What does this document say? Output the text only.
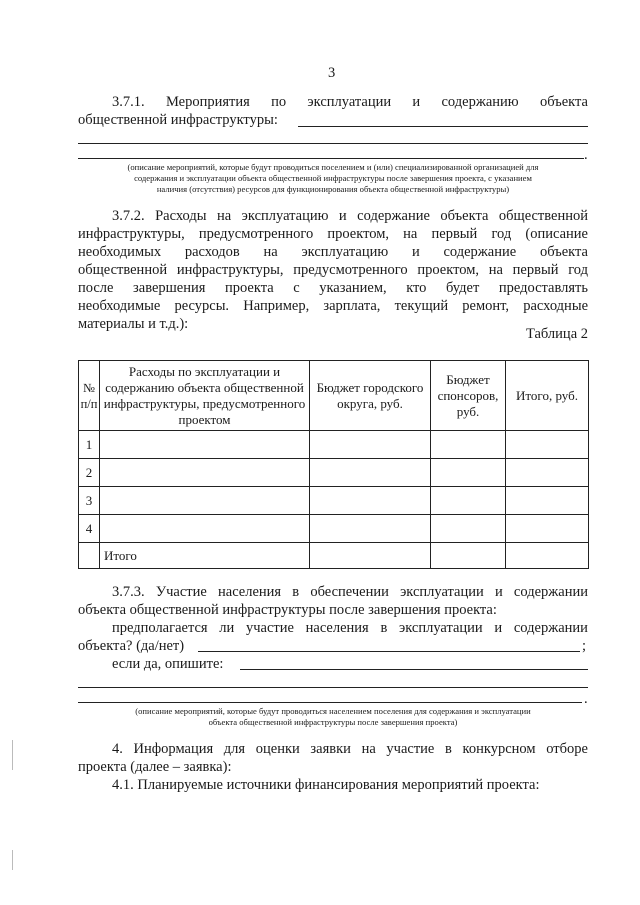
3
3.7.1. Мероприятия по эксплуатации и содержанию объекта
общественной инфраструктуры:
.
(описание мероприятий, которые будут проводиться поселением и (или) специализированной организацией для
содержания и эксплуатации объекта общественной инфраструктуры после завершения проекта, с указанием
наличия (отсутствия) ресурсов для функционирования объекта общественной инфраструктуры)
3.7.2. Расходы на эксплуатацию и содержание объекта общественной
инфраструктуры, предусмотренного проектом, на первый год (описание
необходимых расходов на эксплуатацию и содержание объекта
общественной инфраструктуры, предусмотренного проектом, на первый год
после завершения проекта с указанием, кто будет предоставлять
необходимые ресурсы. Например, зарплата, текущий ремонт, расходные
материалы и т.д.):
Таблица 2
№ п/п	Расходы по эксплуатации и содержанию объекта общественной инфраструктуры, предусмотренного проектом	Бюджет городского округа, руб.	Бюджет спонсоров, руб.	Итого, руб.
1				
2				
3				
4				
	Итого			
3.7.3. Участие населения в обеспечении эксплуатации и содержании
объекта общественной инфраструктуры после завершения проекта:
предполагается ли участие населения в эксплуатации и содержании
объекта? (да/нет)	;
если да, опишите:
.
(описание мероприятий, которые будут проводиться населением поселения для содержания и эксплуатации
объекта общественной инфраструктуры после завершения проекта)
4. Информация для оценки заявки на участие в конкурсном отборе
проекта (далее – заявка):
4.1. Планируемые источники финансирования мероприятий проекта:
